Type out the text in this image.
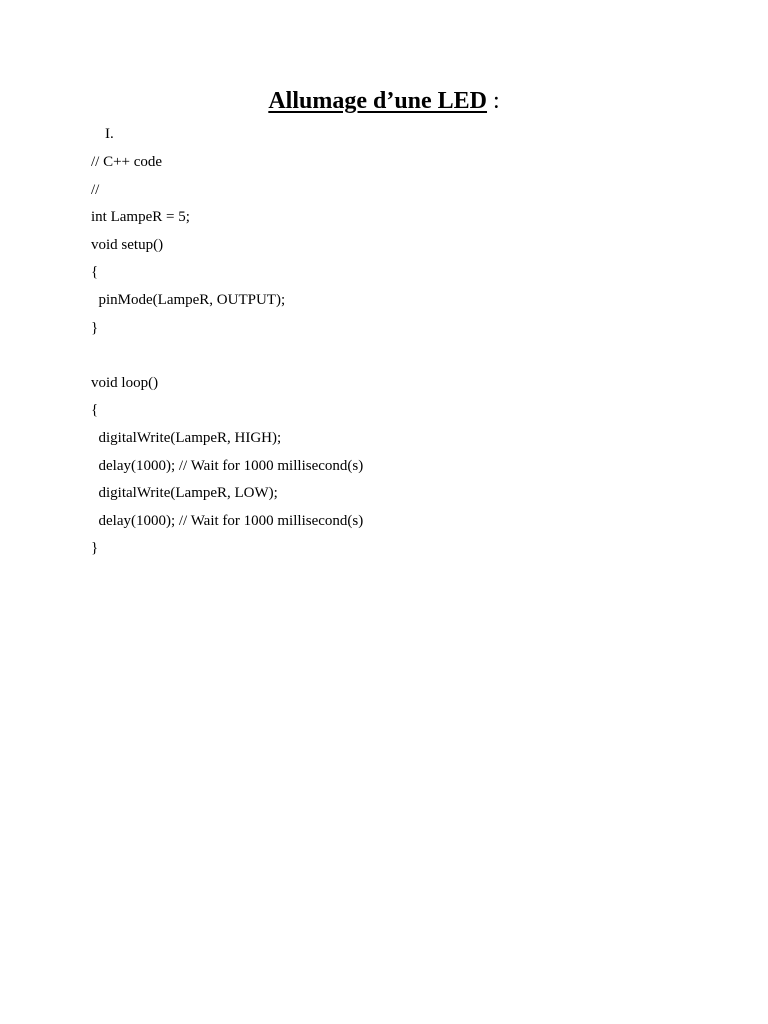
Allumage d’une LED :
I.
// C++ code
//
int LampeR = 5;
void setup()
{
pinMode(LampeR, OUTPUT);
}
void loop()
{
digitalWrite(LampeR, HIGH);
delay(1000); // Wait for 1000 millisecond(s)
digitalWrite(LampeR, LOW);
delay(1000); // Wait for 1000 millisecond(s)
}
